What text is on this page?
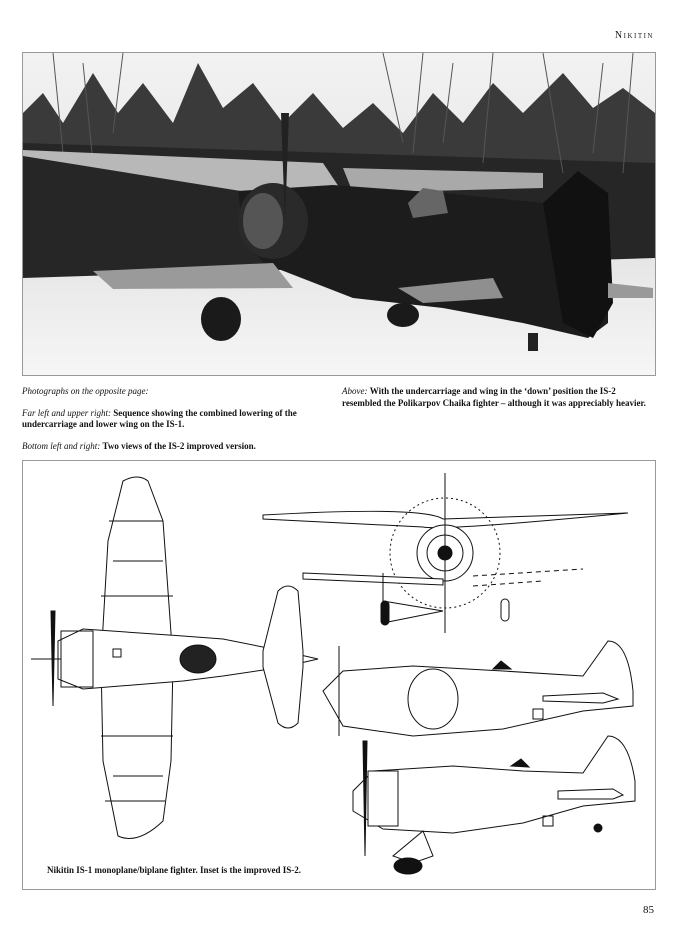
Nikitin

Photographs on the opposite page:

Far left and upper right: Sequence showing the combined lowering of the undercarriage and lower wing on the IS-1.

Bottom left and right: Two views of the IS-2 improved version.

Above: With the undercarriage and wing in the ‘down’ position the IS-2 resembled the Polikarpov Chaika fighter – although it was appreciably heavier.

Nikitin IS-1 monoplane/biplane fighter. Inset is the improved IS-2.
85
